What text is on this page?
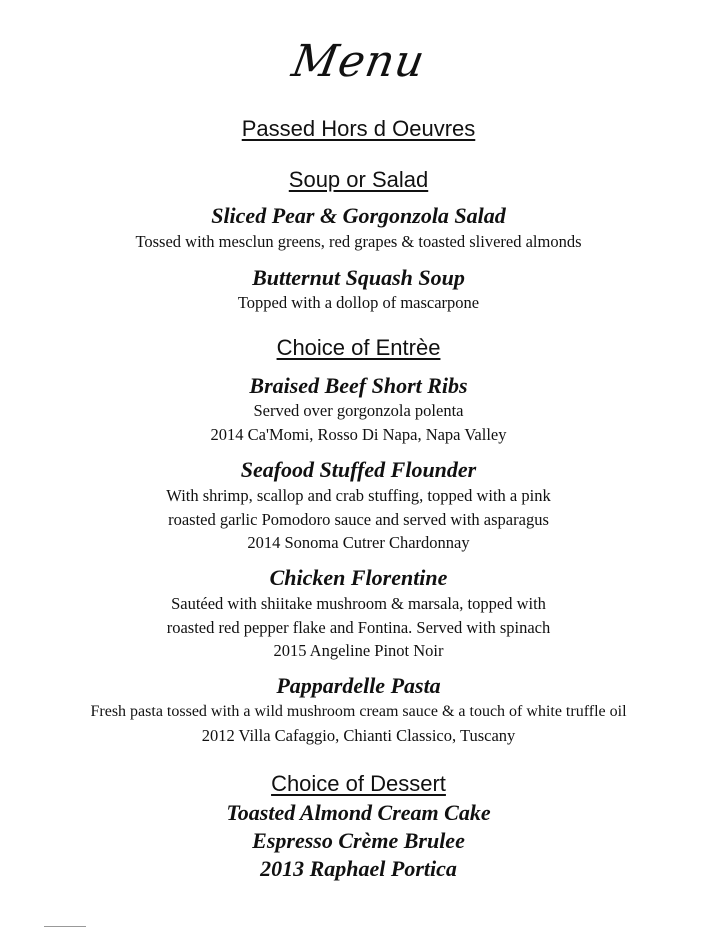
Menu
Passed Hors d Oeuvres
Soup or Salad
Sliced Pear & Gorgonzola Salad
Tossed with mesclun greens, red grapes & toasted slivered almonds
Butternut Squash Soup
Topped with a dollop of mascarpone
Choice of Entrèe
Braised Beef Short Ribs
Served over gorgonzola polenta
2014 Ca'Momi, Rosso Di Napa, Napa Valley
Seafood Stuffed Flounder
With shrimp, scallop and crab stuffing, topped with a pink
roasted garlic Pomodoro sauce and served with asparagus
2014 Sonoma Cutrer Chardonnay
Chicken Florentine
Sautéed with shiitake mushroom & marsala, topped with
roasted red pepper flake and Fontina. Served with spinach
2015 Angeline Pinot Noir
Pappardelle Pasta
Fresh pasta tossed with a wild mushroom cream sauce & a touch of white truffle oil
2012 Villa Cafaggio, Chianti Classico, Tuscany
Choice of Dessert
Toasted Almond Cream Cake
Espresso Crème Brulee
2013 Raphael Portica
